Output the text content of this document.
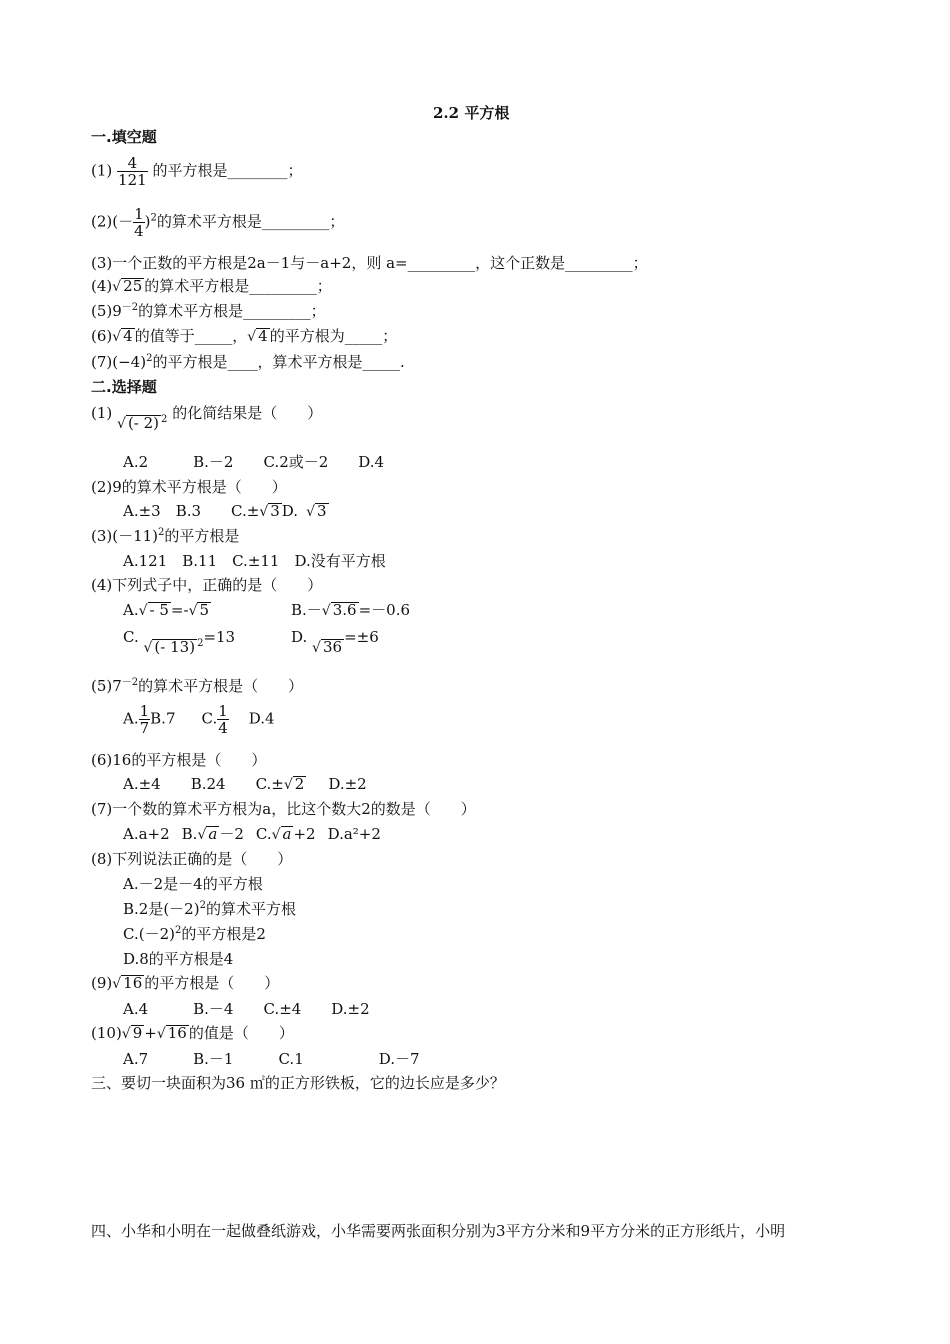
2.2 平方根
一.填空题
$(1) \frac{4}{121}$ 的平方根是________；
$(2)(- \frac{1}{4} )^2$的算术平方根是_________；
(3)一个正数的平方根是2a－1与－a+2，则 a=_________，这个正数是_________；
(4)√ 25 的算术平方根是_________；
$(5)9^{-2}$的算术平方根是_________；
(6)√ 4 的值等于_____，√ 4 的平方根为_____；
$(7)(-4)^2$的平方根是____，算术平方根是_____.
二.选择题
(1) √ (- 2) $^2$ 的化简结果是（　　）
A.2　　　B.－2　　C.2或－2　　D.4
(2)9的算术平方根是（　　）
A.±3　B.3　　C.±√ 3 D. √ 3
$(3)(-11)^2$的平方根是
A.121　B.11　C.±11　D.没有平方根
(4)下列式子中，正确的是（　　）
A.√ - 5 =-√ 5	B.－√ 3.6 =－0.6
C. √ (- 13) $^2$=13	D. √ 36=±6
$(5)7^{-2}$的算术平方根是（　　）
A. $\frac{1}{7} B.7$ C. $\frac{1}{4} D.4$
(6)16的平方根是（　　）
A.±4　　B.24　　C.±√ 2 D.±2
(7)一个数的算术平方根为a，比这个数大2的数是（　　）
A.a+2 B.√ a －2 C.√ a +2 D.a²+2
(8)下列说法正确的是（　　）
A.－2是－4的平方根
B.2是$(-2)^2$的算术平方根
$C.(-2)^2$的平方根是2
D.8的平方根是4
(9)√ 16 的平方根是（　　）
A.4　　　B.－4　　C.±4　　D.±2
(10)√ 9 +√ 16 的值是（　　）
A.7　　　B.－1　　　C.1　　　　　D.－7
三、要切一块面积为36 ㎡的正方形铁板，它的边长应是多少？
四、小华和小明在一起做叠纸游戏，小华需要两张面积分别为3平方分米和9平方分米的正方形纸片，小明
